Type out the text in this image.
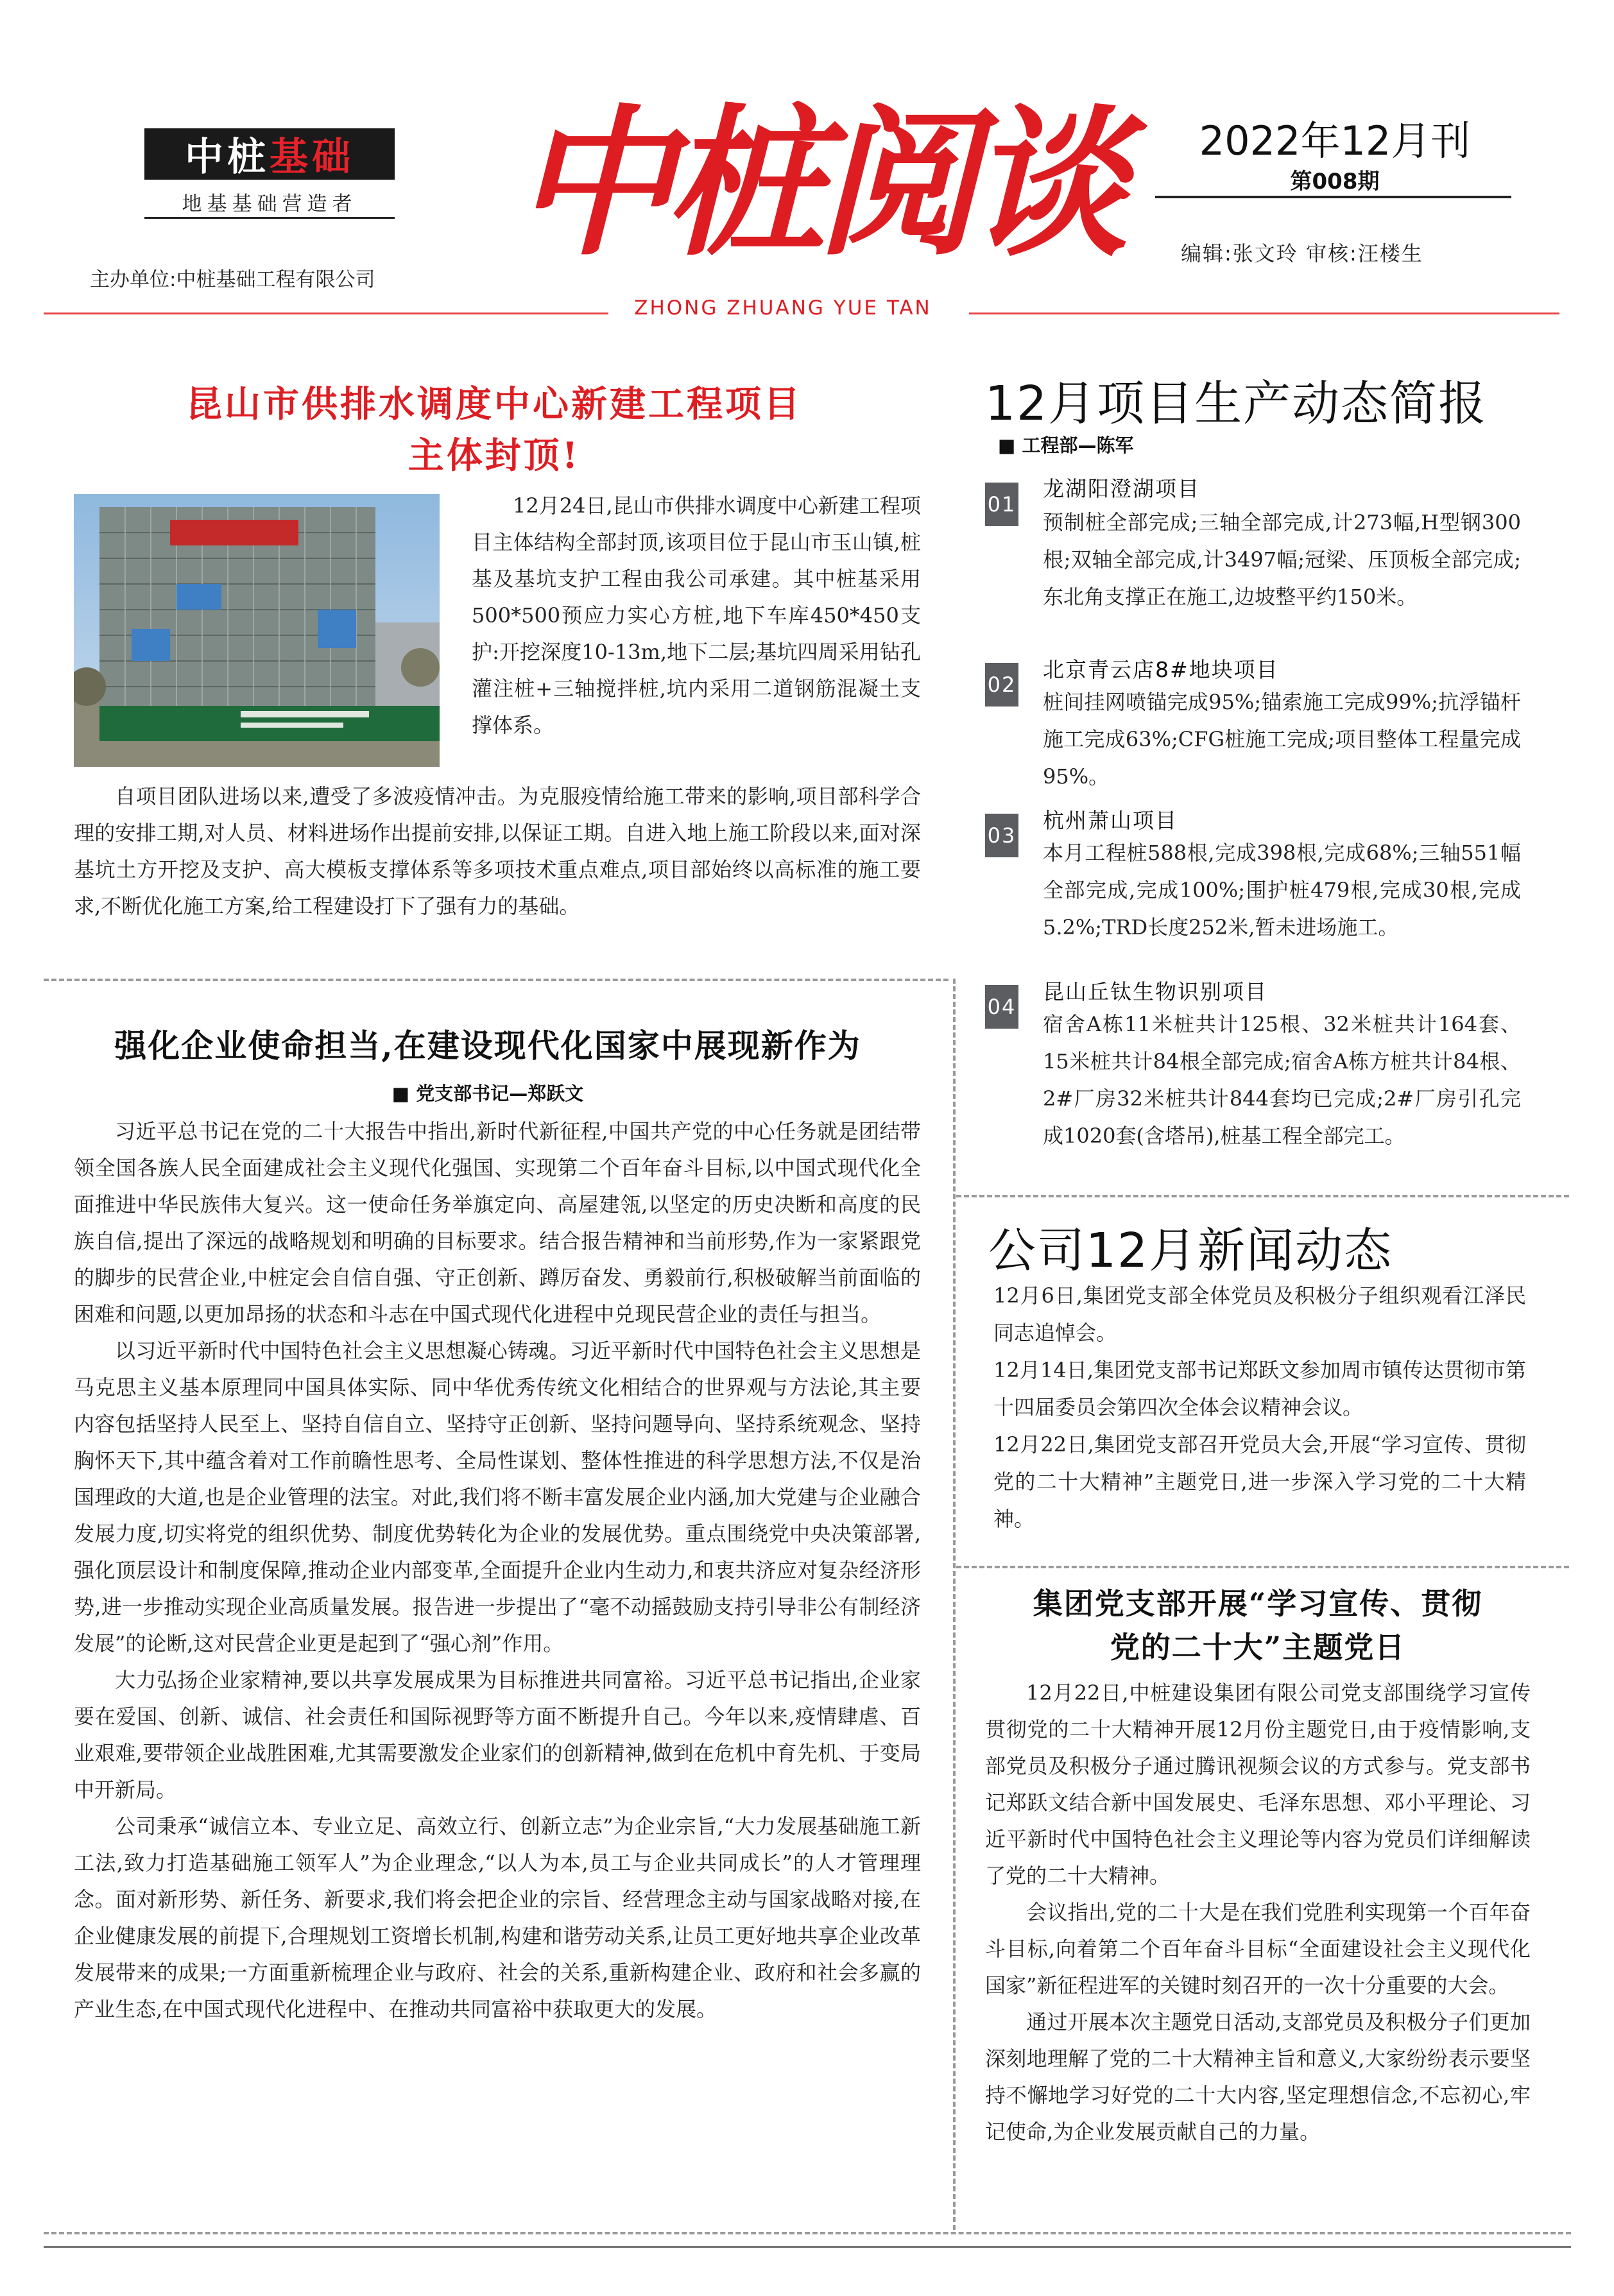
中桩 基础
地基基础营造者
主办单位:中桩基础工程有限公司
中桩阅谈
ZHONG ZHUANG YUE TAN
2022年12月刊
第008期
编辑:张文玲 审核:汪楼生
昆山市供排水调度中心新建工程项目
主体封顶!

12月24日,昆山市供排水调度中心新建工程项目主体结构全部封顶,该项目位于昆山市玉山镇,桩基及基坑支护工程由我公司承建。其中桩基采用500*500预应力实心方桩,地下车库450*450支护:开挖深度10-13m,地下二层;基坑四周采用钻孔灌注桩+三轴搅拌桩,坑内采用二道钢筋混凝土支撑体系。

自项目团队进场以来,遭受了多波疫情冲击。为克服疫情给施工带来的影响,项目部科学合理的安排工期,对人员、材料进场作出提前安排,以保证工期。自进入地上施工阶段以来,面对深基坑土方开挖及支护、高大模板支撑体系等多项技术重点难点,项目部始终以高标准的施工要求,不断优化施工方案,给工程建设打下了强有力的基础。

强化企业使命担当,在建设现代化国家中展现新作为
■ 党支部书记—郑跃文

习近平总书记在党的二十大报告中指出,新时代新征程,中国共产党的中心任务就是团结带领全国各族人民全面建成社会主义现代化强国、实现第二个百年奋斗目标,以中国式现代化全面推进中华民族伟大复兴。这一使命任务举旗定向、高屋建瓴,以坚定的历史决断和高度的民族自信,提出了深远的战略规划和明确的目标要求。结合报告精神和当前形势,作为一家紧跟党的脚步的民营企业,中桩定会自信自强、守正创新、蹲厉奋发、勇毅前行,积极破解当前面临的困难和问题,以更加昂扬的状态和斗志在中国式现代化进程中兑现民营企业的责任与担当。

以习近平新时代中国特色社会主义思想凝心铸魂。习近平新时代中国特色社会主义思想是马克思主义基本原理同中国具体实际、同中华优秀传统文化相结合的世界观与方法论,其主要内容包括坚持人民至上、坚持自信自立、坚持守正创新、坚持问题导向、坚持系统观念、坚持胸怀天下,其中蕴含着对工作前瞻性思考、全局性谋划、整体性推进的科学思想方法,不仅是治国理政的大道,也是企业管理的法宝。对此,我们将不断丰富发展企业内涵,加大党建与企业融合发展力度,切实将党的组织优势、制度优势转化为企业的发展优势。重点围绕党中央决策部署,强化顶层设计和制度保障,推动企业内部变革,全面提升企业内生动力,和衷共济应对复杂经济形势,进一步推动实现企业高质量发展。报告进一步提出了“毫不动摇鼓励支持引导非公有制经济发展”的论断,这对民营企业更是起到了“强心剂”作用。

大力弘扬企业家精神,要以共享发展成果为目标推进共同富裕。习近平总书记指出,企业家要在爱国、创新、诚信、社会责任和国际视野等方面不断提升自己。今年以来,疫情肆虐、百业艰难,要带领企业战胜困难,尤其需要激发企业家们的创新精神,做到在危机中育先机、于变局中开新局。

公司秉承“诚信立本、专业立足、高效立行、创新立志”为企业宗旨,“大力发展基础施工新工法,致力打造基础施工领军人”为企业理念,“以人为本,员工与企业共同成长”的人才管理理念。面对新形势、新任务、新要求,我们将会把企业的宗旨、经营理念主动与国家战略对接,在企业健康发展的前提下,合理规划工资增长机制,构建和谐劳动关系,让员工更好地共享企业改革发展带来的成果;一方面重新梳理企业与政府、社会的关系,重新构建企业、政府和社会多赢的产业生态,在中国式现代化进程中、在推动共同富裕中获取更大的发展。

12月项目生产动态简报
■ 工程部—陈军
01
龙湖阳澄湖项目
预制桩全部完成;三轴全部完成,计273幅,H型钢300根;双轴全部完成,计3497幅;冠梁、压顶板全部完成;东北角支撑正在施工,边坡整平约150米。
02
北京青云店8#地块项目
桩间挂网喷锚完成95%;锚索施工完成99%;抗浮锚杆施工完成63%;CFG桩施工完成;项目整体工程量完成95%。
03
杭州萧山项目
本月工程桩588根,完成398根,完成68%;三轴551幅全部完成,完成100%;围护桩479根,完成30根,完成5.2%;TRD长度252米,暂未进场施工。
04
昆山丘钛生物识别项目
宿舍A栋11米桩共计125根、32米桩共计164套、15米桩共计84根全部完成;宿舍A栋方桩共计84根、2#厂房32米桩共计844套均已完成;2#厂房引孔完成1020套(含塔吊),桩基工程全部完工。
公司12月新闻动态

12月6日,集团党支部全体党员及积极分子组织观看江泽民同志追悼会。

12月14日,集团党支部书记郑跃文参加周市镇传达贯彻市第十四届委员会第四次全体会议精神会议。

12月22日,集团党支部召开党员大会,开展“学习宣传、贯彻党的二十大精神”主题党日,进一步深入学习党的二十大精神。

集团党支部开展“学习宣传、贯彻
党的二十大”主题党日

12月22日,中桩建设集团有限公司党支部围绕学习宣传贯彻党的二十大精神开展12月份主题党日,由于疫情影响,支部党员及积极分子通过腾讯视频会议的方式参与。党支部书记郑跃文结合新中国发展史、毛泽东思想、邓小平理论、习近平新时代中国特色社会主义理论等内容为党员们详细解读了党的二十大精神。

会议指出,党的二十大是在我们党胜利实现第一个百年奋斗目标,向着第二个百年奋斗目标“全面建设社会主义现代化国家”新征程进军的关键时刻召开的一次十分重要的大会。

通过开展本次主题党日活动,支部党员及积极分子们更加深刻地理解了党的二十大精神主旨和意义,大家纷纷表示要坚持不懈地学习好党的二十大内容,坚定理想信念,不忘初心,牢记使命,为企业发展贡献自己的力量。
